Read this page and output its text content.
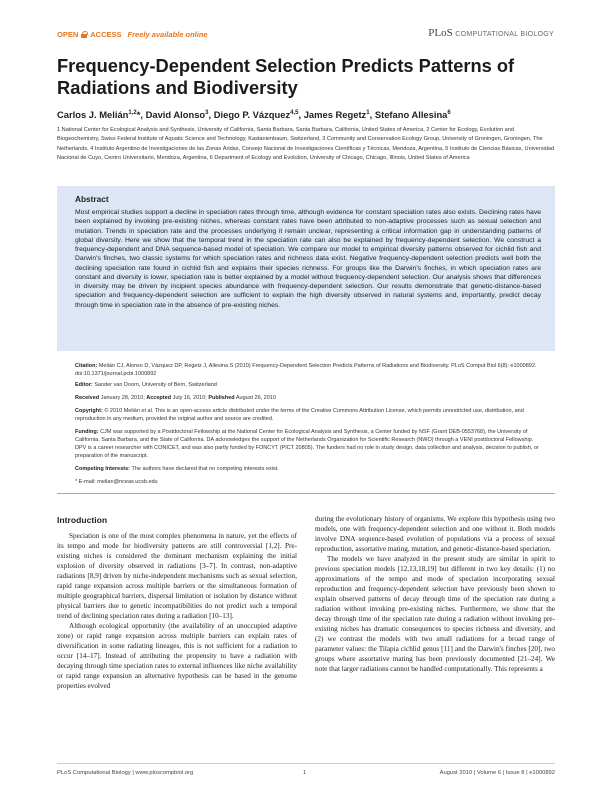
OPEN ACCESS Freely available online	PLoS COMPUTATIONAL BIOLOGY
Frequency-Dependent Selection Predicts Patterns of Radiations and Biodiversity
Carlos J. Melián$^{1,2}$*, David Alonso$^3$, Diego P. Vázquez$^{4,5}$, James Regetz$^1$, Stefano Allesina$^6$
1 National Center for Ecological Analysis and Synthesis, University of California, Santa Barbara, Santa Barbara, California, United States of America, 2 Center for Ecology, Evolution and Biogeochemistry, Swiss Federal Institute of Aquatic Science and Technology, Kastanienbaum, Switzerland, 3 Community and Conservation Ecology Group, University of Groningen, Groningen, The Netherlands, 4 Instituto Argentino de Investigaciones de las Zonas Áridas, Consejo Nacional de Investigaciones Científicas y Técnicas, Mendoza, Argentina, 5 Instituto de Ciencias Básicas, Universidad Nacional de Cuyo, Centro Universitario, Mendoza, Argentina, 6 Department of Ecology and Evolution, University of Chicago, Chicago, Illinois, United States of America
Abstract
Most empirical studies support a decline in speciation rates through time, although evidence for constant speciation rates also exists. Declining rates have been explained by invoking pre-existing niches, whereas constant rates have been attributed to non-adaptive processes such as sexual selection and mutation. Trends in speciation rate and the processes underlying it remain unclear, representing a critical information gap in understanding patterns of global diversity. Here we show that the temporal trend in the speciation rate can also be explained by frequency-dependent selection. We construct a frequency-dependent and DNA sequence-based model of speciation. We compare our model to empirical diversity patterns observed for cichlid fish and Darwin's finches, two classic systems for which speciation rates and richness data exist. Negative frequency-dependent selection predicts well both the declining speciation rate found in cichlid fish and explains their species richness. For groups like the Darwin's finches, in which speciation rates are constant and diversity is lower, speciation rate is better explained by a model without frequency-dependent selection. Our analysis shows that differences in diversity may be driven by incipient species abundance with frequency-dependent selection. Our results demonstrate that genetic-distance-based speciation and frequency-dependent selection are sufficient to explain the high diversity observed in natural systems and, importantly, predict decay through time in speciation rate in the absence of pre-existing niches.
Citation: Melián CJ, Alonso D, Vázquez DP, Regetz J, Allesina S (2010) Frequency-Dependent Selection Predicts Patterns of Radiations and Biodiversity. PLoS Comput Biol 6(8): e1000892. doi:10.1371/journal.pcbi.1000892
Editor: Sander van Doorn, University of Bern, Switzerland
Received January 28, 2010; Accepted July 16, 2010; Published August 26, 2010
Copyright: © 2010 Melián et al. This is an open-access article distributed under the terms of the Creative Commons Attribution License, which permits unrestricted use, distribution, and reproduction in any medium, provided the original author and source are credited.
Funding: CJM was supported by a Postdoctoral Fellowship at the National Center for Ecological Analysis and Synthesis, a Center funded by NSF (Grant DEB-0553768), the University of California, Santa Barbara, and the State of California. DA acknowledges the support of the Netherlands Organization for Scientific Research (NWO) through a VENI postdoctoral Fellowship. DPV is a career researcher with CONICET, and was also partly funded by FONCYT (PICT 20805). The funders had no role in study design, data collection and analysis, decision to publish, or preparation of the manuscript.
Competing Interests: The authors have declared that no competing interests exist.
* E-mail: melian@nceas.ucsb.edu
Introduction

Speciation is one of the most complex phenomena in nature, yet the effects of its tempo and mode for biodiversity patterns are still controversial [1,2]. Pre-existing niches is considered the dominant mechanism explaining the initial explosion of diversity observed in radiations [3–7]. In contrast, non-adaptive radiations [8,9] driven by niche-independent mechanisms such as sexual selection, rapid range expansion across multiple barriers or the simultaneous formation of multiple geographical barriers, dispersal limitation or isolation by distance without physical barriers due to genetic incompatibilities do not predict such a temporal trend of declining speciation rates during a radiation [10–13].

Although ecological opportunity (the availability of an unoccupied adaptive zone) or rapid range expansion across multiple barriers can explain rates of diversification in some radiating lineages, this is not sufficient for a radiation to occur [14–17]. Instead of attributing the propensity to have a radiation with decaying through time speciation rates to external influences like niche availability or rapid range expansion an alternative hypothesis can be based in the genome properties evolved

during the evolutionary history of organisms. We explore this hypothesis using two models, one with frequency-dependent selection and one without it. Both models involve DNA sequence-based evolution of populations via a process of sexual reproduction, assortative mating, mutation, and genetic-distance-based speciation.

The models we have analyzed in the present study are similar in spirit to previous speciation models [12,13,18,19] but different in two key details: (1) no approximations of the tempo and mode of speciation incorporating sexual reproduction and frequency-dependent selection have previously been shown to explain observed patterns of decay through time of the speciation rate during a radiation without invoking pre-existing niches. Furthermore, we show that the decay through time of the speciation rate during a radiation without invoking pre-existing niches has dramatic consequences to species richness and diversity, and (2) we contrast the models with two small radiations for a broad range of parameter values: the Tilapia cichlid genus [11] and the Darwin's finches [20], two groups where assortative mating has been previously documented [21–24]. We note that larger radiations cannot be handled computationally. This represents a

PLoS Computational Biology | www.ploscompbiol.org	1	August 2010 | Volume 6 | Issue 8 | e1000892
